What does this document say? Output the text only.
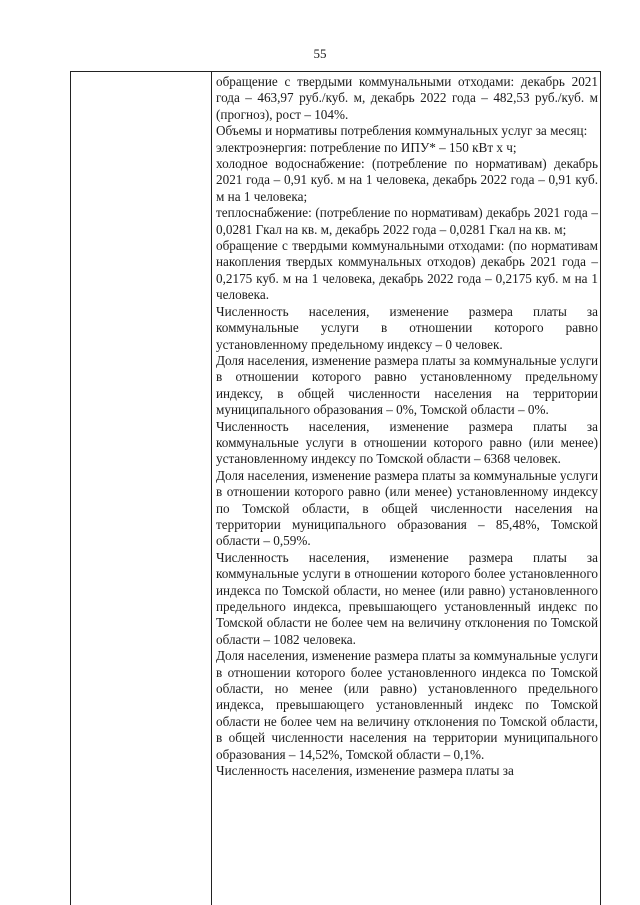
55

обращение с твердыми коммунальными отходами: декабрь 2021 года – 463,97 руб./куб. м, декабрь 2022 года – 482,53 руб./куб. м (прогноз), рост – 104%.

Объемы и нормативы потребления коммунальных услуг за месяц:

электроэнергия: потребление по ИПУ* – 150 кВт х ч;

холодное водоснабжение: (потребление по нормативам) декабрь 2021 года – 0,91 куб. м на 1 человека, декабрь 2022 года – 0,91 куб. м на 1 человека;

теплоснабжение: (потребление по нормативам) декабрь 2021 года – 0,0281 Гкал на кв. м, декабрь 2022 года – 0,0281 Гкал на кв. м;

обращение с твердыми коммунальными отходами: (по нормативам накопления твердых коммунальных отходов) декабрь 2021 года – 0,2175 куб. м на 1 человека, декабрь 2022 года – 0,2175 куб. м на 1 человека.

Численность населения, изменение размера платы за коммунальные услуги в отношении которого равно установленному предельному индексу – 0 человек.

Доля населения, изменение размера платы за коммунальные услуги в отношении которого равно установленному предельному индексу, в общей численности населения на территории муниципального образования – 0%, Томской области – 0%.

Численность населения, изменение размера платы за коммунальные услуги в отношении которого равно (или менее) установленному индексу по Томской области – 6368 человек.

Доля населения, изменение размера платы за коммунальные услуги в отношении которого равно (или менее) установленному индексу по Томской области, в общей численности населения на территории муниципального образования – 85,48%, Томской области – 0,59%.

Численность населения, изменение размера платы за коммунальные услуги в отношении которого более установленного индекса по Томской области, но менее (или равно) установленного предельного индекса, превышающего установленный индекс по Томской области не более чем на величину отклонения по Томской области – 1082 человека.

Доля населения, изменение размера платы за коммунальные услуги в отношении которого более установленного индекса по Томской области, но менее (или равно) установленного предельного индекса, превышающего установленный индекс по Томской области не более чем на величину отклонения по Томской области, в общей численности населения на территории муниципального образования – 14,52%, Томской области – 0,1%.

Численность населения, изменение размера платы за
